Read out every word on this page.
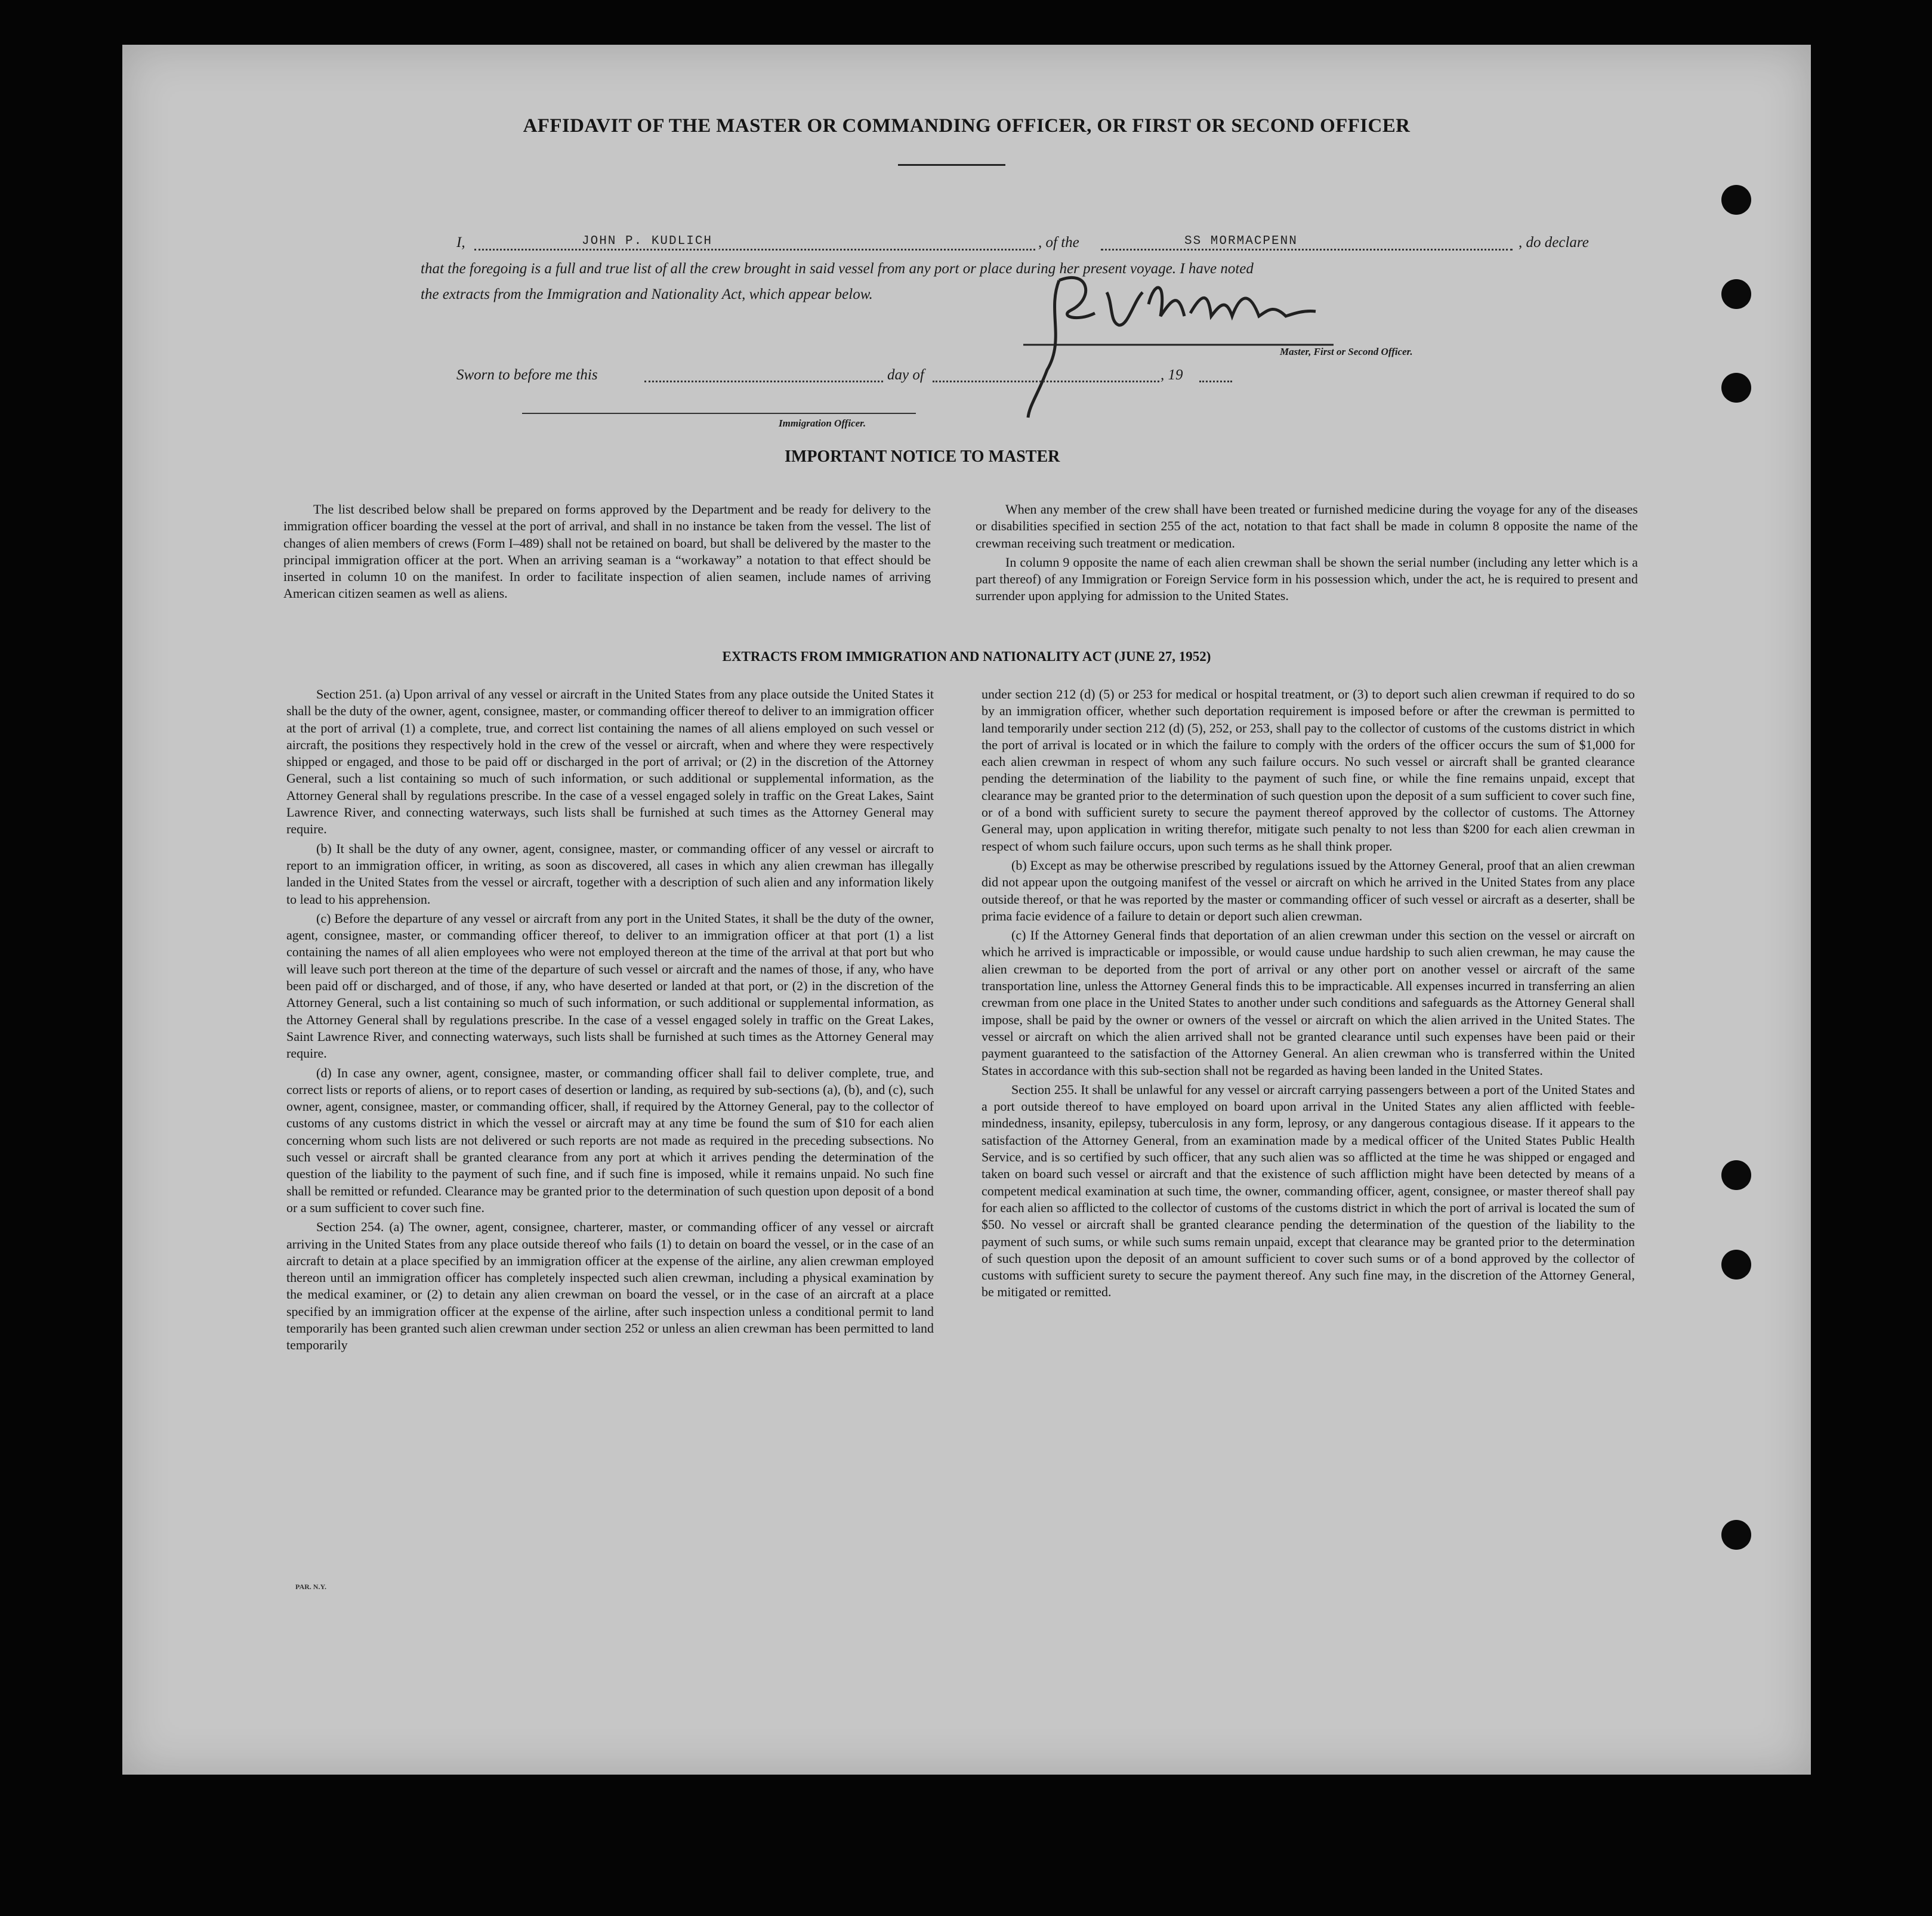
AFFIDAVIT OF THE MASTER OR COMMANDING OFFICER, OR FIRST OR SECOND OFFICER
I,	JOHN P. KUDLICH	, of the	SS MORMACPENN	, do declare
that the foregoing is a full and true list of all the crew brought in said vessel from any port or place during her present voyage. I have noted
the extracts from the Immigration and Nationality Act, which appear below.
Master, First or Second Officer.
Sworn to before me this	day of	, 19
Immigration Officer.
IMPORTANT NOTICE TO MASTER

The list described below shall be prepared on forms approved by the Department and be ready for delivery to the immigration officer boarding the vessel at the port of arrival, and shall in no instance be taken from the vessel. The list of changes of alien members of crews (Form I–489) shall not be retained on board, but shall be delivered by the master to the principal immigration officer at the port. When an arriving seaman is a “workaway” a notation to that effect should be inserted in column 10 on the manifest. In order to facilitate inspection of alien seamen, include names of arriving American citizen seamen as well as aliens.

When any member of the crew shall have been treated or furnished medicine during the voyage for any of the diseases or disabilities specified in section 255 of the act, notation to that fact shall be made in column 8 opposite the name of the crewman receiving such treatment or medication.

In column 9 opposite the name of each alien crewman shall be shown the serial number (including any letter which is a part thereof) of any Immigration or Foreign Service form in his possession which, under the act, he is required to present and surrender upon applying for admission to the United States.

EXTRACTS FROM IMMIGRATION AND NATIONALITY ACT (JUNE 27, 1952)

Section 251. (a) Upon arrival of any vessel or aircraft in the United States from any place outside the United States it shall be the duty of the owner, agent, consignee, master, or commanding officer thereof to deliver to an immigration officer at the port of arrival (1) a complete, true, and correct list containing the names of all aliens employed on such vessel or aircraft, the positions they respectively hold in the crew of the vessel or aircraft, when and where they were respectively shipped or engaged, and those to be paid off or discharged in the port of arrival; or (2) in the discretion of the Attorney General, such a list containing so much of such information, or such additional or supplemental information, as the Attorney General shall by regulations prescribe. In the case of a vessel engaged solely in traffic on the Great Lakes, Saint Lawrence River, and connecting waterways, such lists shall be furnished at such times as the Attorney General may require.

(b) It shall be the duty of any owner, agent, consignee, master, or commanding officer of any vessel or aircraft to report to an immigration officer, in writing, as soon as discovered, all cases in which any alien crewman has illegally landed in the United States from the vessel or aircraft, together with a description of such alien and any information likely to lead to his apprehension.

(c) Before the departure of any vessel or aircraft from any port in the United States, it shall be the duty of the owner, agent, consignee, master, or commanding officer thereof, to deliver to an immigration officer at that port (1) a list containing the names of all alien employees who were not employed thereon at the time of the arrival at that port but who will leave such port thereon at the time of the departure of such vessel or aircraft and the names of those, if any, who have been paid off or discharged, and of those, if any, who have deserted or landed at that port, or (2) in the discretion of the Attorney General, such a list containing so much of such information, or such additional or supplemental information, as the Attorney General shall by regulations prescribe. In the case of a vessel engaged solely in traffic on the Great Lakes, Saint Lawrence River, and connecting waterways, such lists shall be furnished at such times as the Attorney General may require.

(d) In case any owner, agent, consignee, master, or commanding officer shall fail to deliver complete, true, and correct lists or reports of aliens, or to report cases of desertion or landing, as required by sub-sections (a), (b), and (c), such owner, agent, consignee, master, or commanding officer, shall, if required by the Attorney General, pay to the collector of customs of any customs district in which the vessel or aircraft may at any time be found the sum of $10 for each alien concerning whom such lists are not delivered or such reports are not made as required in the preceding subsections. No such vessel or aircraft shall be granted clearance from any port at which it arrives pending the determination of the question of the liability to the payment of such fine, and if such fine is imposed, while it remains unpaid. No such fine shall be remitted or refunded. Clearance may be granted prior to the determination of such question upon deposit of a bond or a sum sufficient to cover such fine.

Section 254. (a) The owner, agent, consignee, charterer, master, or commanding officer of any vessel or aircraft arriving in the United States from any place outside thereof who fails (1) to detain on board the vessel, or in the case of an aircraft to detain at a place specified by an immigration officer at the expense of the airline, any alien crewman employed thereon until an immigration officer has completely inspected such alien crewman, including a physical examination by the medical examiner, or (2) to detain any alien crewman on board the vessel, or in the case of an aircraft at a place specified by an immigration officer at the expense of the airline, after such inspection unless a conditional permit to land temporarily has been granted such alien crewman under section 252 or unless an alien crewman has been permitted to land temporarily

under section 212 (d) (5) or 253 for medical or hospital treatment, or (3) to deport such alien crewman if required to do so by an immigration officer, whether such deportation requirement is imposed before or after the crewman is permitted to land temporarily under section 212 (d) (5), 252, or 253, shall pay to the collector of customs of the customs district in which the port of arrival is located or in which the failure to comply with the orders of the officer occurs the sum of $1,000 for each alien crewman in respect of whom any such failure occurs. No such vessel or aircraft shall be granted clearance pending the determination of the liability to the payment of such fine, or while the fine remains unpaid, except that clearance may be granted prior to the determination of such question upon the deposit of a sum sufficient to cover such fine, or of a bond with sufficient surety to secure the payment thereof approved by the collector of customs. The Attorney General may, upon application in writing therefor, mitigate such penalty to not less than $200 for each alien crewman in respect of whom such failure occurs, upon such terms as he shall think proper.

(b) Except as may be otherwise prescribed by regulations issued by the Attorney General, proof that an alien crewman did not appear upon the outgoing manifest of the vessel or aircraft on which he arrived in the United States from any place outside thereof, or that he was reported by the master or commanding officer of such vessel or aircraft as a deserter, shall be prima facie evidence of a failure to detain or deport such alien crewman.

(c) If the Attorney General finds that deportation of an alien crewman under this section on the vessel or aircraft on which he arrived is impracticable or impossible, or would cause undue hardship to such alien crewman, he may cause the alien crewman to be deported from the port of arrival or any other port on another vessel or aircraft of the same transportation line, unless the Attorney General finds this to be impracticable. All expenses incurred in transferring an alien crewman from one place in the United States to another under such conditions and safeguards as the Attorney General shall impose, shall be paid by the owner or owners of the vessel or aircraft on which the alien arrived in the United States. The vessel or aircraft on which the alien arrived shall not be granted clearance until such expenses have been paid or their payment guaranteed to the satisfaction of the Attorney General. An alien crewman who is transferred within the United States in accordance with this sub-section shall not be regarded as having been landed in the United States.

Section 255. It shall be unlawful for any vessel or aircraft carrying passengers between a port of the United States and a port outside thereof to have employed on board upon arrival in the United States any alien afflicted with feeble-mindedness, insanity, epilepsy, tuberculosis in any form, leprosy, or any dangerous contagious disease. If it appears to the satisfaction of the Attorney General, from an examination made by a medical officer of the United States Public Health Service, and is so certified by such officer, that any such alien was so afflicted at the time he was shipped or engaged and taken on board such vessel or aircraft and that the existence of such affliction might have been detected by means of a competent medical examination at such time, the owner, commanding officer, agent, consignee, or master thereof shall pay for each alien so afflicted to the collector of customs of the customs district in which the port of arrival is located the sum of $50. No vessel or aircraft shall be granted clearance pending the determination of the question of the liability to the payment of such sums, or while such sums remain unpaid, except that clearance may be granted prior to the determination of such question upon the deposit of an amount sufficient to cover such sums or of a bond approved by the collector of customs with sufficient surety to secure the payment thereof. Any such fine may, in the discretion of the Attorney General, be mitigated or remitted.

PAR. N.Y.
